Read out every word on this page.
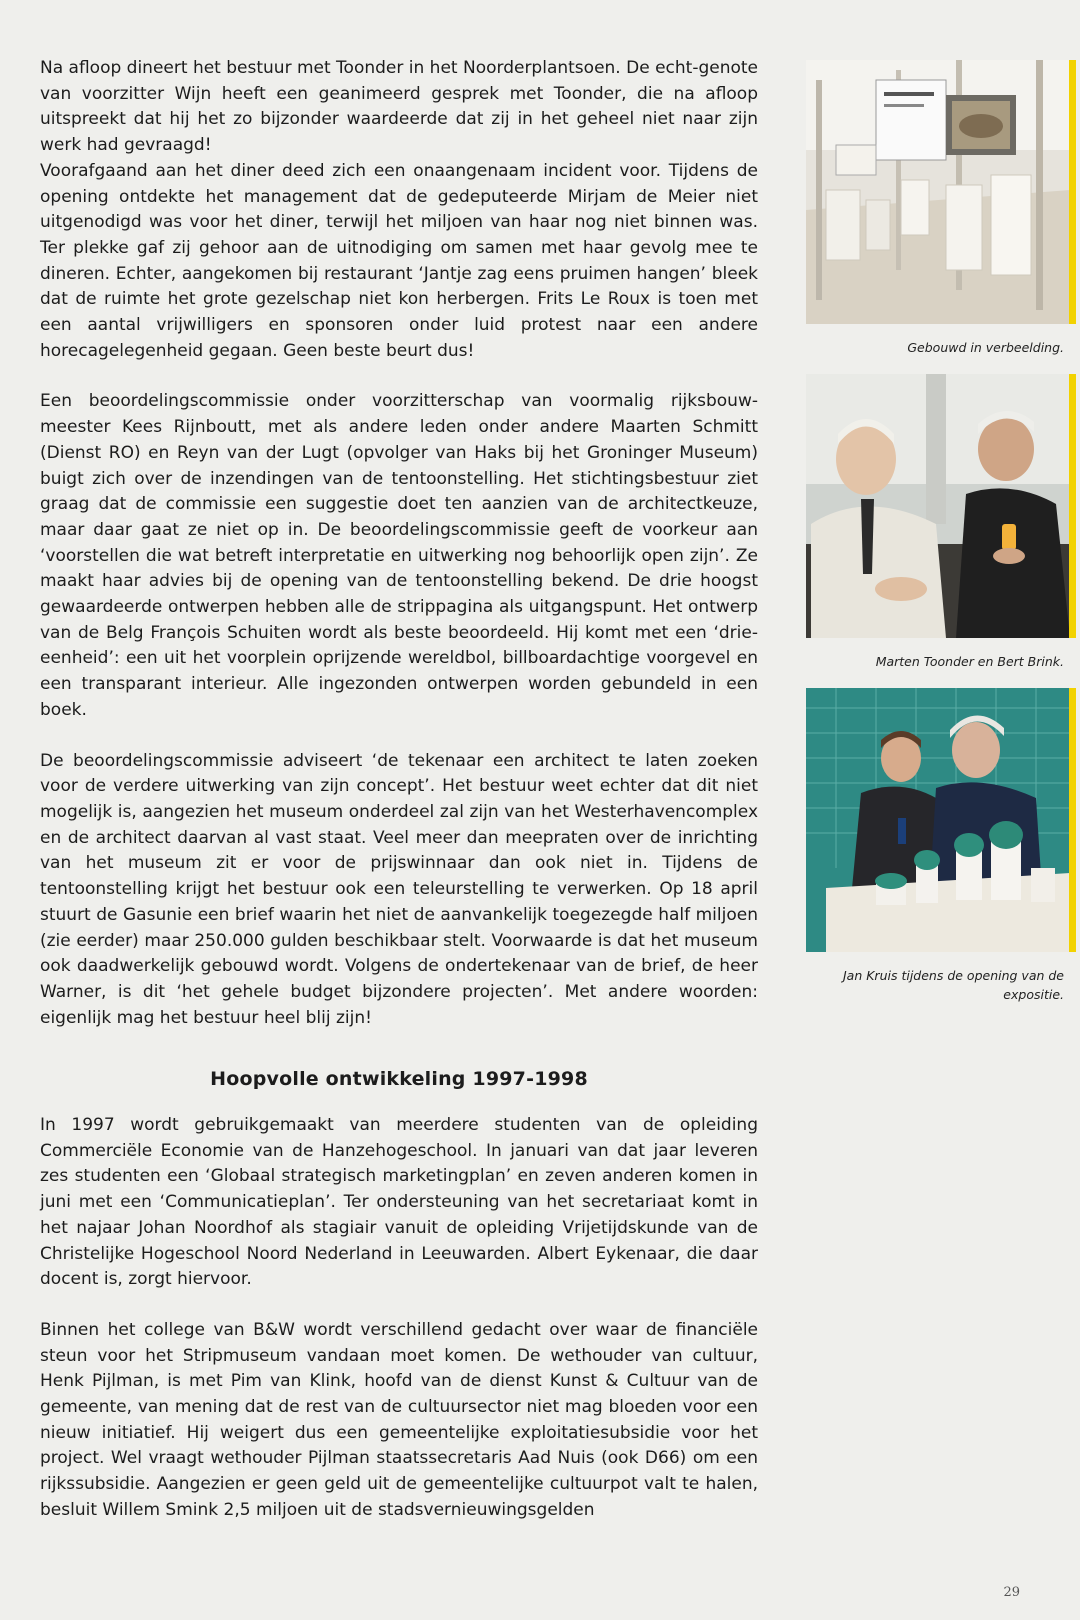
Na afloop dineert het bestuur met Toonder in het Noorderplantsoen. De echt-genote van voorzitter Wijn heeft een geanimeerd gesprek met Toonder, die na afloop uitspreekt dat hij het zo bijzonder waardeerde dat zij in het geheel niet naar zijn werk had gevraagd!

Voorafgaand aan het diner deed zich een onaangenaam incident voor. Tijdens de opening ontdekte het management dat de gedeputeerde Mirjam de Meier niet uitgenodigd was voor het diner, terwijl het miljoen van haar nog niet binnen was. Ter plekke gaf zij gehoor aan de uitnodiging om samen met haar gevolg mee te dineren. Echter, aangekomen bij restaurant ‘Jantje zag eens pruimen hangen’ bleek dat de ruimte het grote gezelschap niet kon herbergen. Frits Le Roux is toen met een aantal vrijwilligers en sponsoren onder luid protest naar een andere horecagelegenheid gegaan. Geen beste beurt dus!

Een beoordelingscommissie onder voorzitterschap van voormalig rijksbouw-meester Kees Rijnboutt, met als andere leden onder andere Maarten Schmitt (Dienst RO) en Reyn van der Lugt (opvolger van Haks bij het Groninger Museum) buigt zich over de inzendingen van de tentoonstelling. Het stichtingsbestuur ziet graag dat de commissie een suggestie doet ten aanzien van de architectkeuze, maar daar gaat ze niet op in. De beoordelingscommissie geeft de voorkeur aan ‘voorstellen die wat betreft interpretatie en uitwerking nog behoorlijk open zijn’. Ze maakt haar advies bij de opening van de tentoonstelling bekend. De drie hoogst gewaardeerde ontwerpen hebben alle de strippagina als uitgangspunt. Het ontwerp van de Belg François Schuiten wordt als beste beoordeeld. Hij komt met een ‘drie-eenheid’: een uit het voorplein oprijzende wereldbol, billboardachtige voorgevel en een transparant interieur. Alle ingezonden ontwerpen worden gebundeld in een boek.

De beoordelingscommissie adviseert ‘de tekenaar een architect te laten zoeken voor de verdere uitwerking van zijn concept’. Het bestuur weet echter dat dit niet mogelijk is, aangezien het museum onderdeel zal zijn van het Westerhavencomplex en de architect daarvan al vast staat. Veel meer dan meepraten over de inrichting van het museum zit er voor de prijswinnaar dan ook niet in. Tijdens de tentoonstelling krijgt het bestuur ook een teleurstelling te verwerken. Op 18 april stuurt de Gasunie een brief waarin het niet de aanvankelijk toegezegde half miljoen (zie eerder) maar 250.000 gulden beschikbaar stelt. Voorwaarde is dat het museum ook daadwerkelijk gebouwd wordt. Volgens de ondertekenaar van de brief, de heer Warner, is dit ‘het gehele budget bijzondere projecten’. Met andere woorden: eigenlijk mag het bestuur heel blij zijn!

Hoopvolle ontwikkeling 1997-1998

In 1997 wordt gebruikgemaakt van meerdere studenten van de opleiding Commerciële Economie van de Hanzehogeschool. In januari van dat jaar leveren zes studenten een ‘Globaal strategisch marketingplan’ en zeven anderen komen in juni met een ‘Communicatieplan’. Ter ondersteuning van het secretariaat komt in het najaar Johan Noordhof als stagiair vanuit de opleiding Vrijetijdskunde van de Christelijke Hogeschool Noord Nederland in Leeuwarden. Albert Eykenaar, die daar docent is, zorgt hiervoor.

Binnen het college van B&W wordt verschillend gedacht over waar de financiële steun voor het Stripmuseum vandaan moet komen. De wethouder van cultuur, Henk Pijlman, is met Pim van Klink, hoofd van de dienst Kunst & Cultuur van de gemeente, van mening dat de rest van de cultuursector niet mag bloeden voor een nieuw initiatief. Hij weigert dus een gemeentelijke exploitatiesubsidie voor het project. Wel vraagt wethouder Pijlman staatssecretaris Aad Nuis (ook D66) om een rijkssubsidie. Aangezien er geen geld uit de gemeentelijke cultuurpot valt te halen, besluit Willem Smink 2,5 miljoen uit de stadsvernieuwingsgelden

Gebouwd in verbeelding.
Marten Toonder en Bert Brink.
Jan Kruis tijdens de opening van de expositie.
29
